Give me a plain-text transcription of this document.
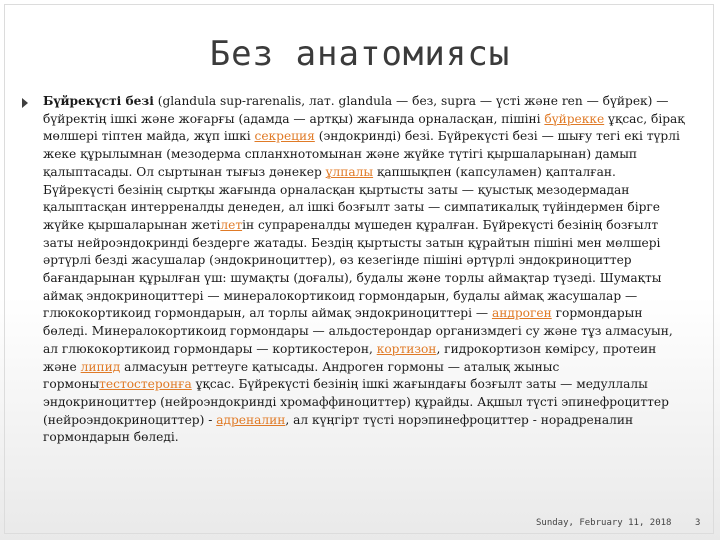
Без анатомиясы

Бүйрекүсті безі (glandula sup-rarenalis, лат. glandula — без, supra — үсті және ren — бүйрек) — бүйректің ішкі және жоғарғы (адамда — артқы) жағында орналасқан, пішіні бүйрекке ұқсас, бірақ мөлшері тіптен майда, жұп ішкі секреция (эндокринді) безі. Бүйрекүсті безі — шығу тегі екі түрлі жеке құрылымнан (мезодерма спланхнотомынан және жүйке түтігі қыршаларынан) дамып қалыптасады. Ол сыртынан тығыз дәнекер ұлпалы қапшықпен (капсуламен) қапталған. Бүйрекүсті безінің сыртқы жағында орналасқан қыртысты заты — қуыстық мезодермадан қалыптасқан интерреналды денеден, ал ішкі бозғылт заты — симпатикалық түйіндермен бірге жүйке қыршаларынан жетілетін супрареналды мүшеден құралған. Бүйрекүсті безінің бозғылт заты нейроэндокринді бездерге жатады. Бездің қыртысты затын құрайтын пішіні мен мөлшері әртүрлі безді жасушалар (эндокриноциттер), өз кезегінде пішіні әртүрлі эндокриноциттер бағандарынан құрылған үш: шумақты (доғалы), будалы және торлы аймақтар түзеді. Шумақты аймақ эндокриноциттері — минералокортикоид гормондарын, будалы аймақ жасушалар — глюкокортикоид гормондарын, ал торлы аймақ эндокриноциттері — андроген гормондарын бөледі. Минералокортикоид гормондары — альдостерондар организмдегі су және тұз алмасуын, ал глюкокортикоид гормондары — кортикостерон, кортизон, гидрокортизон көмірсу, протеин және липид алмасуын реттеуге қатысады. Андроген гормоны — аталық жыныс гормонытестостеронға ұқсас. Бүйрекүсті безінің ішкі жағындағы бозғылт заты — медуллалы эндокриноциттер (нейроэндокринді хромаффиноциттер) құрайды. Ақшыл түсті эпинефроциттер (нейроэндокриноциттер) - адреналин, ал күңгірт түсті норэпинефроциттер - норадреналин гормондарын бөледі.

Sunday, February 11, 2018	3
